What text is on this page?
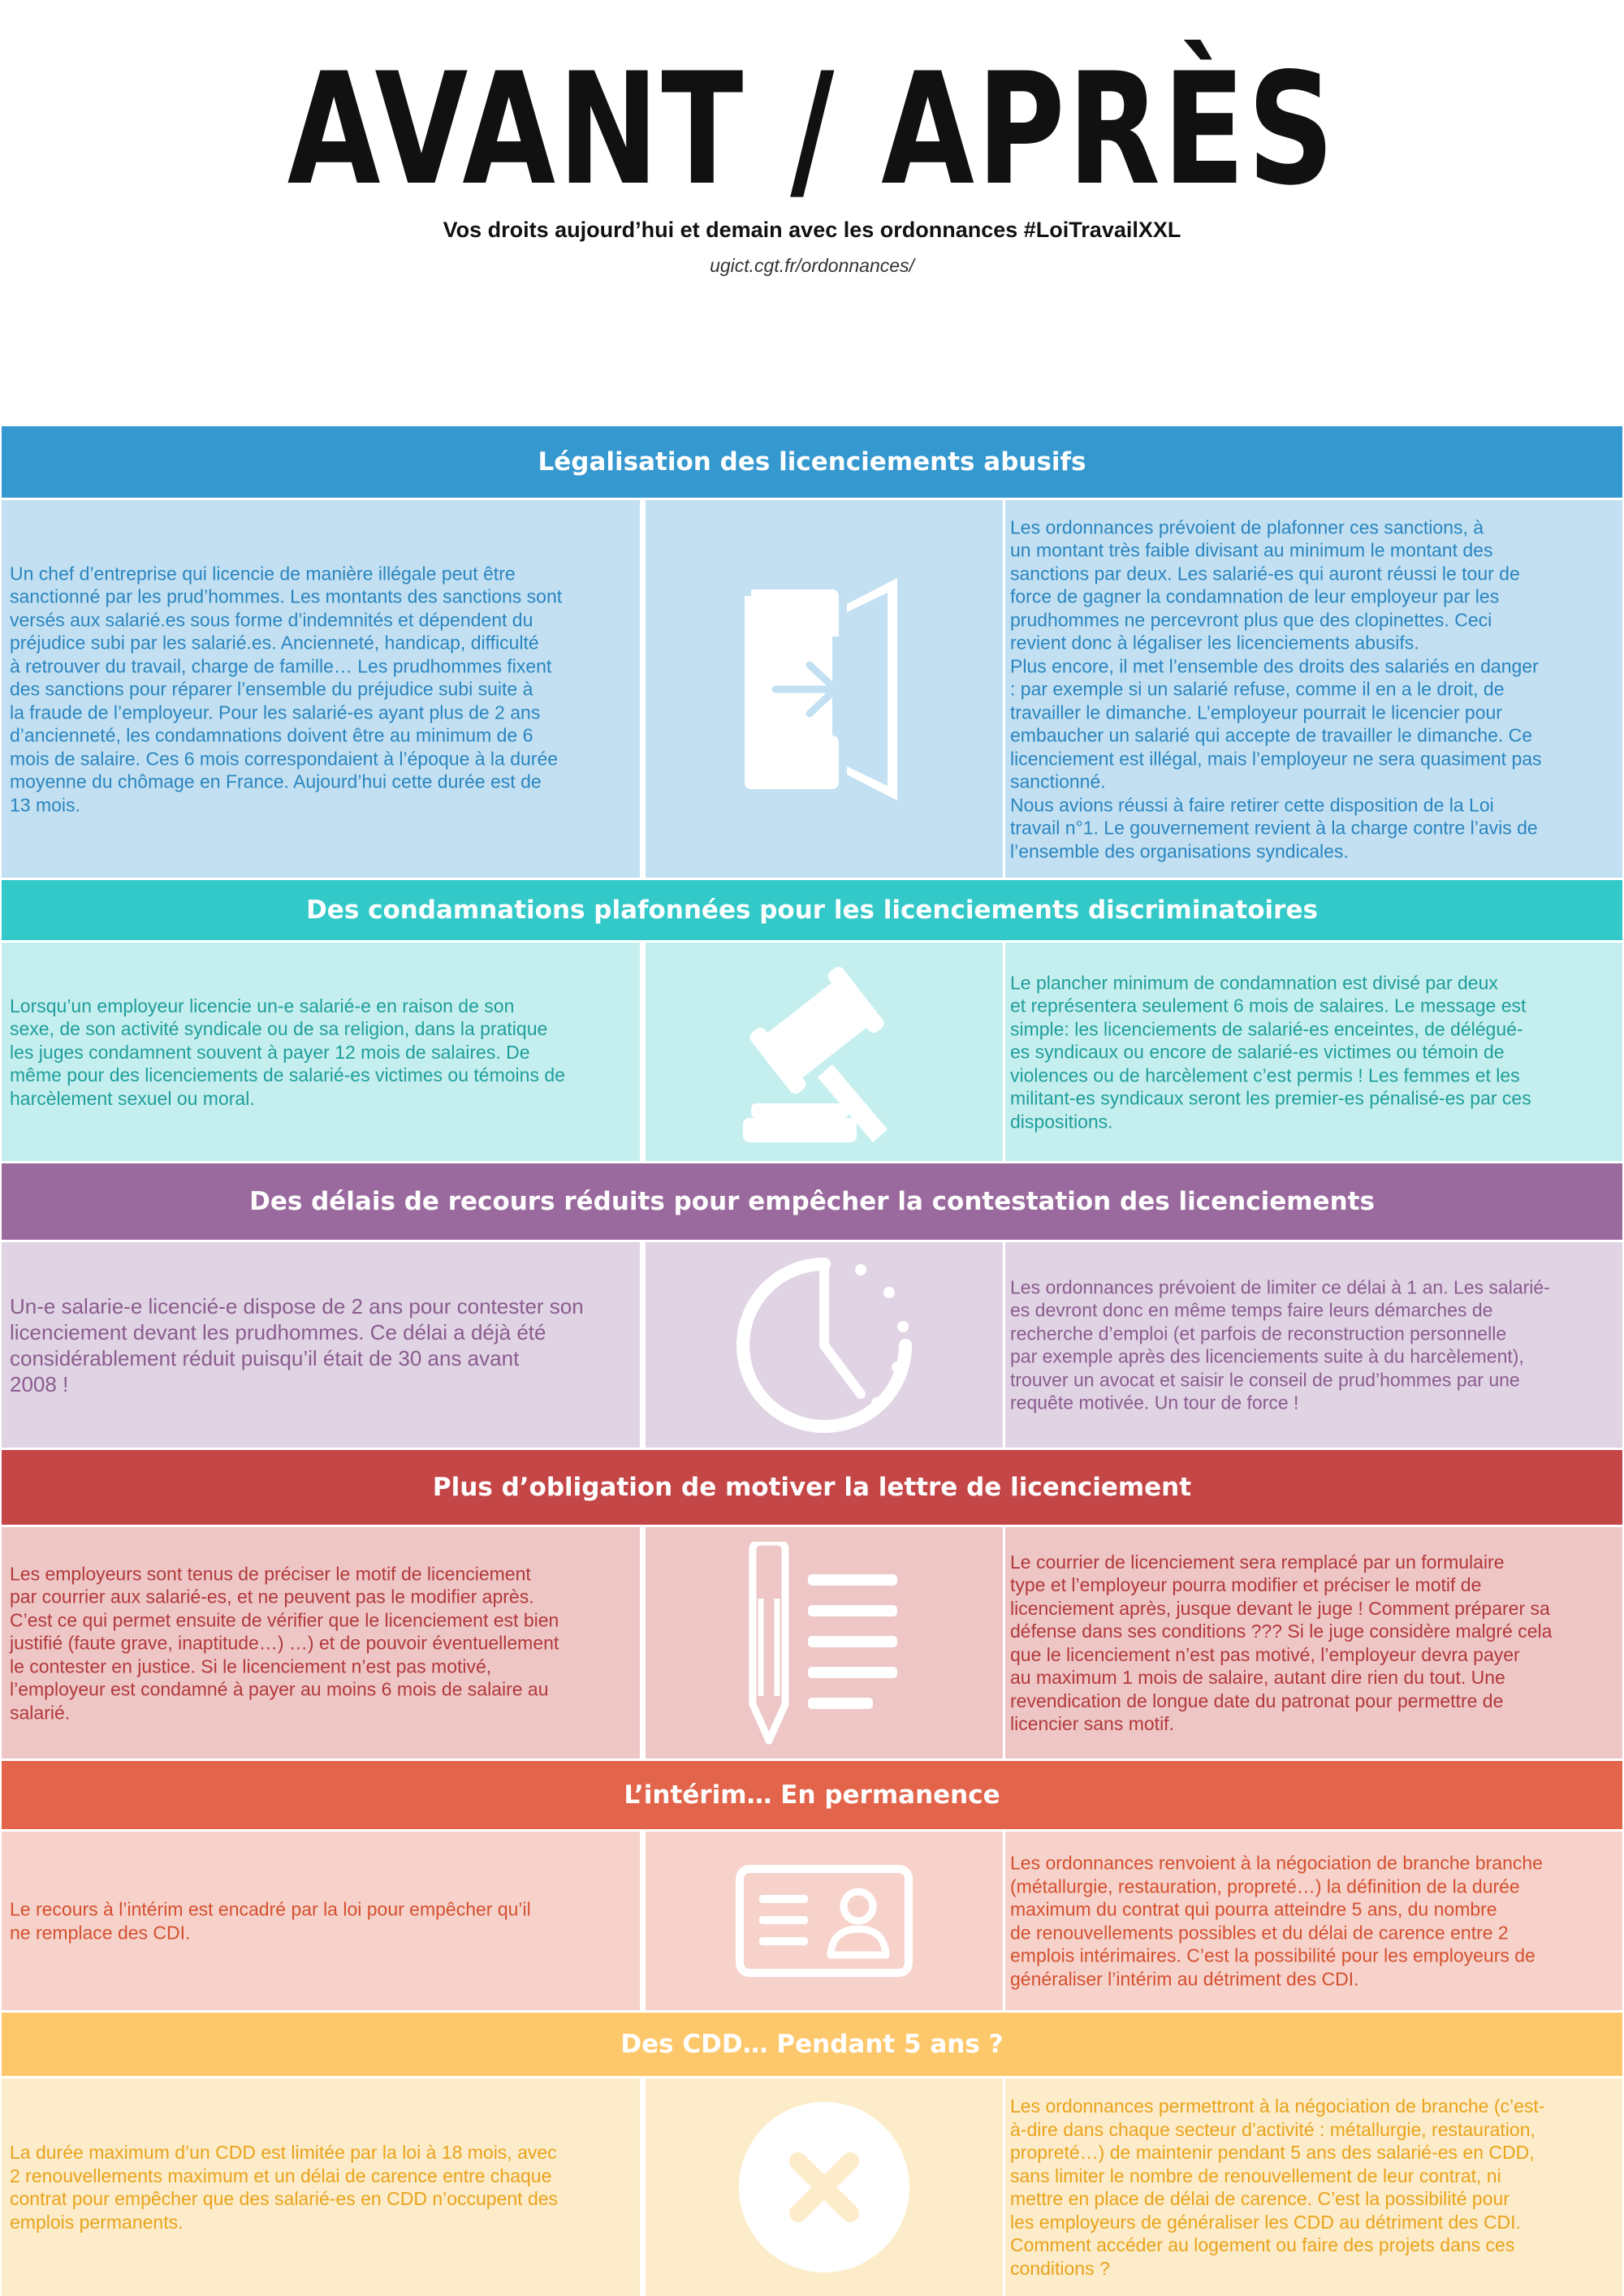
AVANT / APRÈS
Vos droits aujourd’hui et demain avec les ordonnances #LoiTravailXXL
ugict.cgt.fr/ordonnances/
Légalisation des licenciements abusifs
Un chef d’entreprise qui licencie de manière illégale peut être
sanctionné par les prud’hommes. Les montants des sanctions sont
versés aux salarié.es sous forme d’indemnités et dépendent du
préjudice subi par les salarié.es. Ancienneté, handicap, difficulté
à retrouver du travail, charge de famille… Les prudhommes fixent
des sanctions pour réparer l’ensemble du préjudice subi suite à
la fraude de l’employeur. Pour les salarié-es ayant plus de 2 ans
d’ancienneté, les condamnations doivent être au minimum de 6
mois de salaire. Ces 6 mois correspondaient à l’époque à la durée
moyenne du chômage en France. Aujourd’hui cette durée est de
13 mois.
Les ordonnances prévoient de plafonner ces sanctions, à
un montant très faible divisant au minimum le montant des
sanctions par deux. Les salarié-es qui auront réussi le tour de
force de gagner la condamnation de leur employeur par les
prudhommes ne percevront plus que des clopinettes. Ceci
revient donc à légaliser les licenciements abusifs.
Plus encore, il met l’ensemble des droits des salariés en danger
: par exemple si un salarié refuse, comme il en a le droit, de
travailler le dimanche. L’employeur pourrait le licencier pour
embaucher un salarié qui accepte de travailler le dimanche. Ce
licenciement est illégal, mais l’employeur ne sera quasiment pas
sanctionné.
Nous avions réussi à faire retirer cette disposition de la Loi
travail n°1. Le gouvernement revient à la charge contre l’avis de
l’ensemble des organisations syndicales.
Des condamnations plafonnées pour les licenciements discriminatoires
Lorsqu’un employeur licencie un-e salarié-e en raison de son
sexe, de son activité syndicale ou de sa religion, dans la pratique
les juges condamnent souvent à payer 12 mois de salaires. De
même pour des licenciements de salarié-es victimes ou témoins de
harcèlement sexuel ou moral.
Le plancher minimum de condamnation est divisé par deux
et représentera seulement 6 mois de salaires. Le message est
simple: les licenciements de salarié-es enceintes, de délégué-
es syndicaux ou encore de salarié-es victimes ou témoin de
violences ou de harcèlement c’est permis ! Les femmes et les
militant-es syndicaux seront les premier-es pénalisé-es par ces
dispositions.
Des délais de recours réduits pour empêcher la contestation des licenciements
Un-e salarie-e licencié-e dispose de 2 ans pour contester son
licenciement devant les prudhommes. Ce délai a déjà été
considérablement réduit puisqu’il était de 30 ans avant
2008 !
Les ordonnances prévoient de limiter ce délai à 1 an. Les salarié-
es devront donc en même temps faire leurs démarches de
recherche d’emploi (et parfois de reconstruction personnelle
par exemple après des licenciements suite à du harcèlement),
trouver un avocat et saisir le conseil de prud’hommes par une
requête motivée. Un tour de force !
Plus d’obligation de motiver la lettre de licenciement
Les employeurs sont tenus de préciser le motif de licenciement
par courrier aux salarié-es, et ne peuvent pas le modifier après.
C’est ce qui permet ensuite de vérifier que le licenciement est bien
justifié (faute grave, inaptitude…) …) et de pouvoir éventuellement
le contester en justice. Si le licenciement n’est pas motivé,
l’employeur est condamné à payer au moins 6 mois de salaire au
salarié.
Le courrier de licenciement sera remplacé par un formulaire
type et l’employeur pourra modifier et préciser le motif de
licenciement après, jusque devant le juge ! Comment préparer sa
défense dans ses conditions ??? Si le juge considère malgré cela
que le licenciement n’est pas motivé, l’employeur devra payer
au maximum 1 mois de salaire, autant dire rien du tout. Une
revendication de longue date du patronat pour permettre de
licencier sans motif.
L’intérim… En permanence
Le recours à l’intérim est encadré par la loi pour empêcher qu’il
ne remplace des CDI.
Les ordonnances renvoient à la négociation de branche branche
(métallurgie, restauration, propreté…) la définition de la durée
maximum du contrat qui pourra atteindre 5 ans, du nombre
de renouvellements possibles et du délai de carence entre 2
emplois intérimaires. C’est la possibilité pour les employeurs de
généraliser l’intérim au détriment des CDI.
Des CDD… Pendant 5 ans ?
La durée maximum d’un CDD est limitée par la loi à 18 mois, avec
2 renouvellements maximum et un délai de carence entre chaque
contrat pour empêcher que des salarié-es en CDD n’occupent des
emplois permanents.
Les ordonnances permettront à la négociation de branche (c’est-
à-dire dans chaque secteur d’activité : métallurgie, restauration,
propreté…) de maintenir pendant 5 ans des salarié-es en CDD,
sans limiter le nombre de renouvellement de leur contrat, ni
mettre en place de délai de carence. C’est la possibilité pour
les employeurs de généraliser les CDD au détriment des CDI.
Comment accéder au logement ou faire des projets dans ces
conditions ?
